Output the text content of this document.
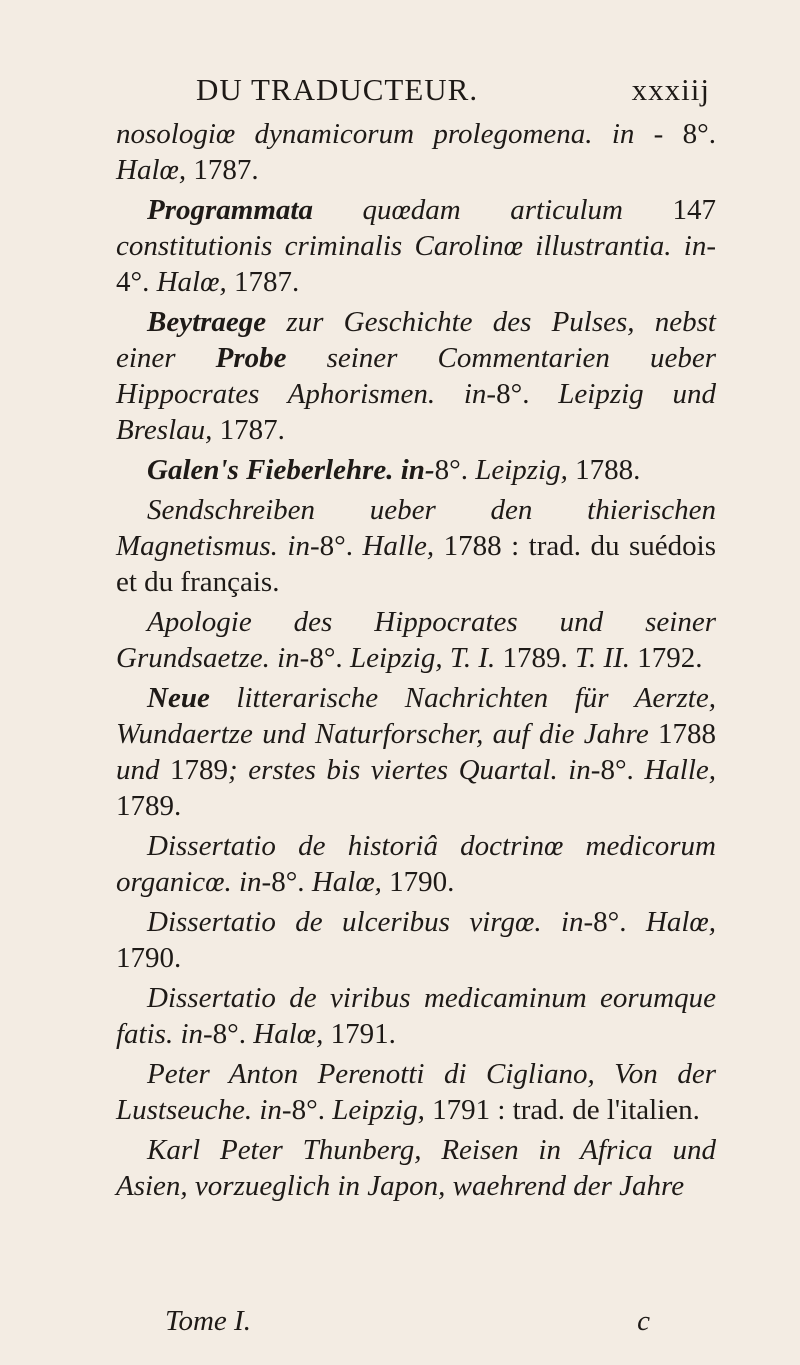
DU TRADUCTEUR.	xxxiij

nosologiœ dynamicorum prolegomena. in - 8°. Halœ, 1787.

Programmata quœdam articulum 147 constitutionis criminalis Carolinœ illustrantia. in-4°. Halœ, 1787.

Beytraege zur Geschichte des Pulses, nebst einer Probe seiner Commentarien ueber Hippocrates Aphorismen. in-8°. Leipzig und Breslau, 1787.

Galen's Fieberlehre. in-8°. Leipzig, 1788.

Sendschreiben ueber den thierischen Magnetismus. in-8°. Halle, 1788 : trad. du suédois et du français.

Apologie des Hippocrates und seiner Grundsaetze. in-8°. Leipzig, T. I. 1789. T. II. 1792.

Neue litterarische Nachrichten für Aerzte, Wundaertze und Naturforscher, auf die Jahre 1788 und 1789; erstes bis viertes Quartal. in-8°. Halle, 1789.

Dissertatio de historiâ doctrinœ medicorum organicœ. in-8°. Halœ, 1790.

Dissertatio de ulceribus virgœ. in-8°. Halœ, 1790.

Dissertatio de viribus medicaminum eorumque fatis. in-8°. Halœ, 1791.

Peter Anton Perenotti di Cigliano, Von der Lustseuche. in-8°. Leipzig, 1791 : trad. de l'italien.

Karl Peter Thunberg, Reisen in Africa und Asien, vorzueglich in Japon, waehrend der Jahre

Tome I.	c
